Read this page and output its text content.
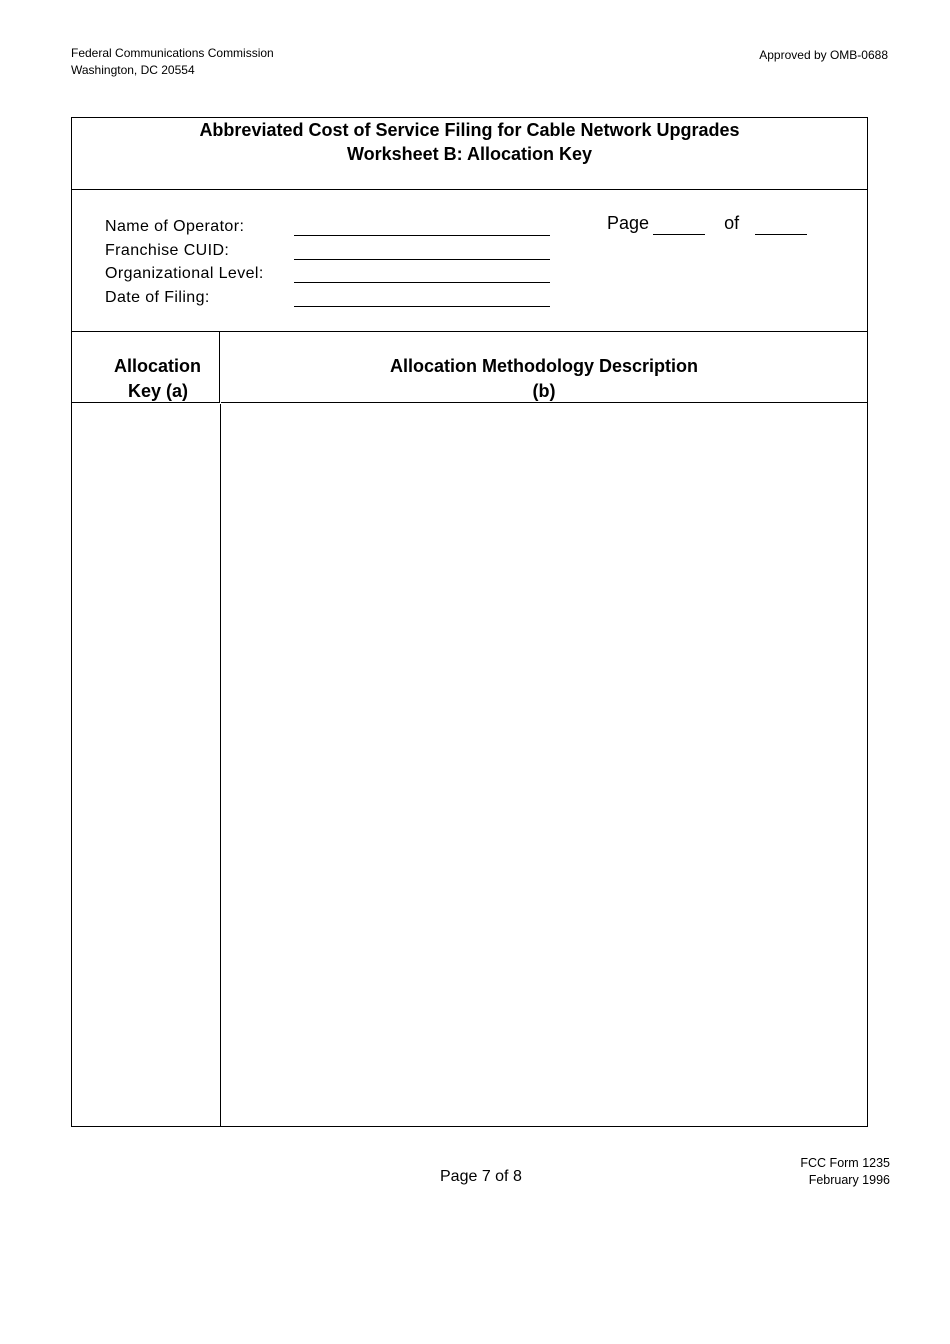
Federal Communications Commission
Washington, DC 20554
Approved by OMB-0688
Abbreviated Cost of Service Filing for Cable Network Upgrades
Worksheet B: Allocation Key
Name of Operator:
Franchise CUID:
Organizational Level:
Date of Filing:
Page	of
Allocation
Key (a)
Allocation Methodology Description
(b)
Page 7 of 8
FCC Form 1235
February 1996
